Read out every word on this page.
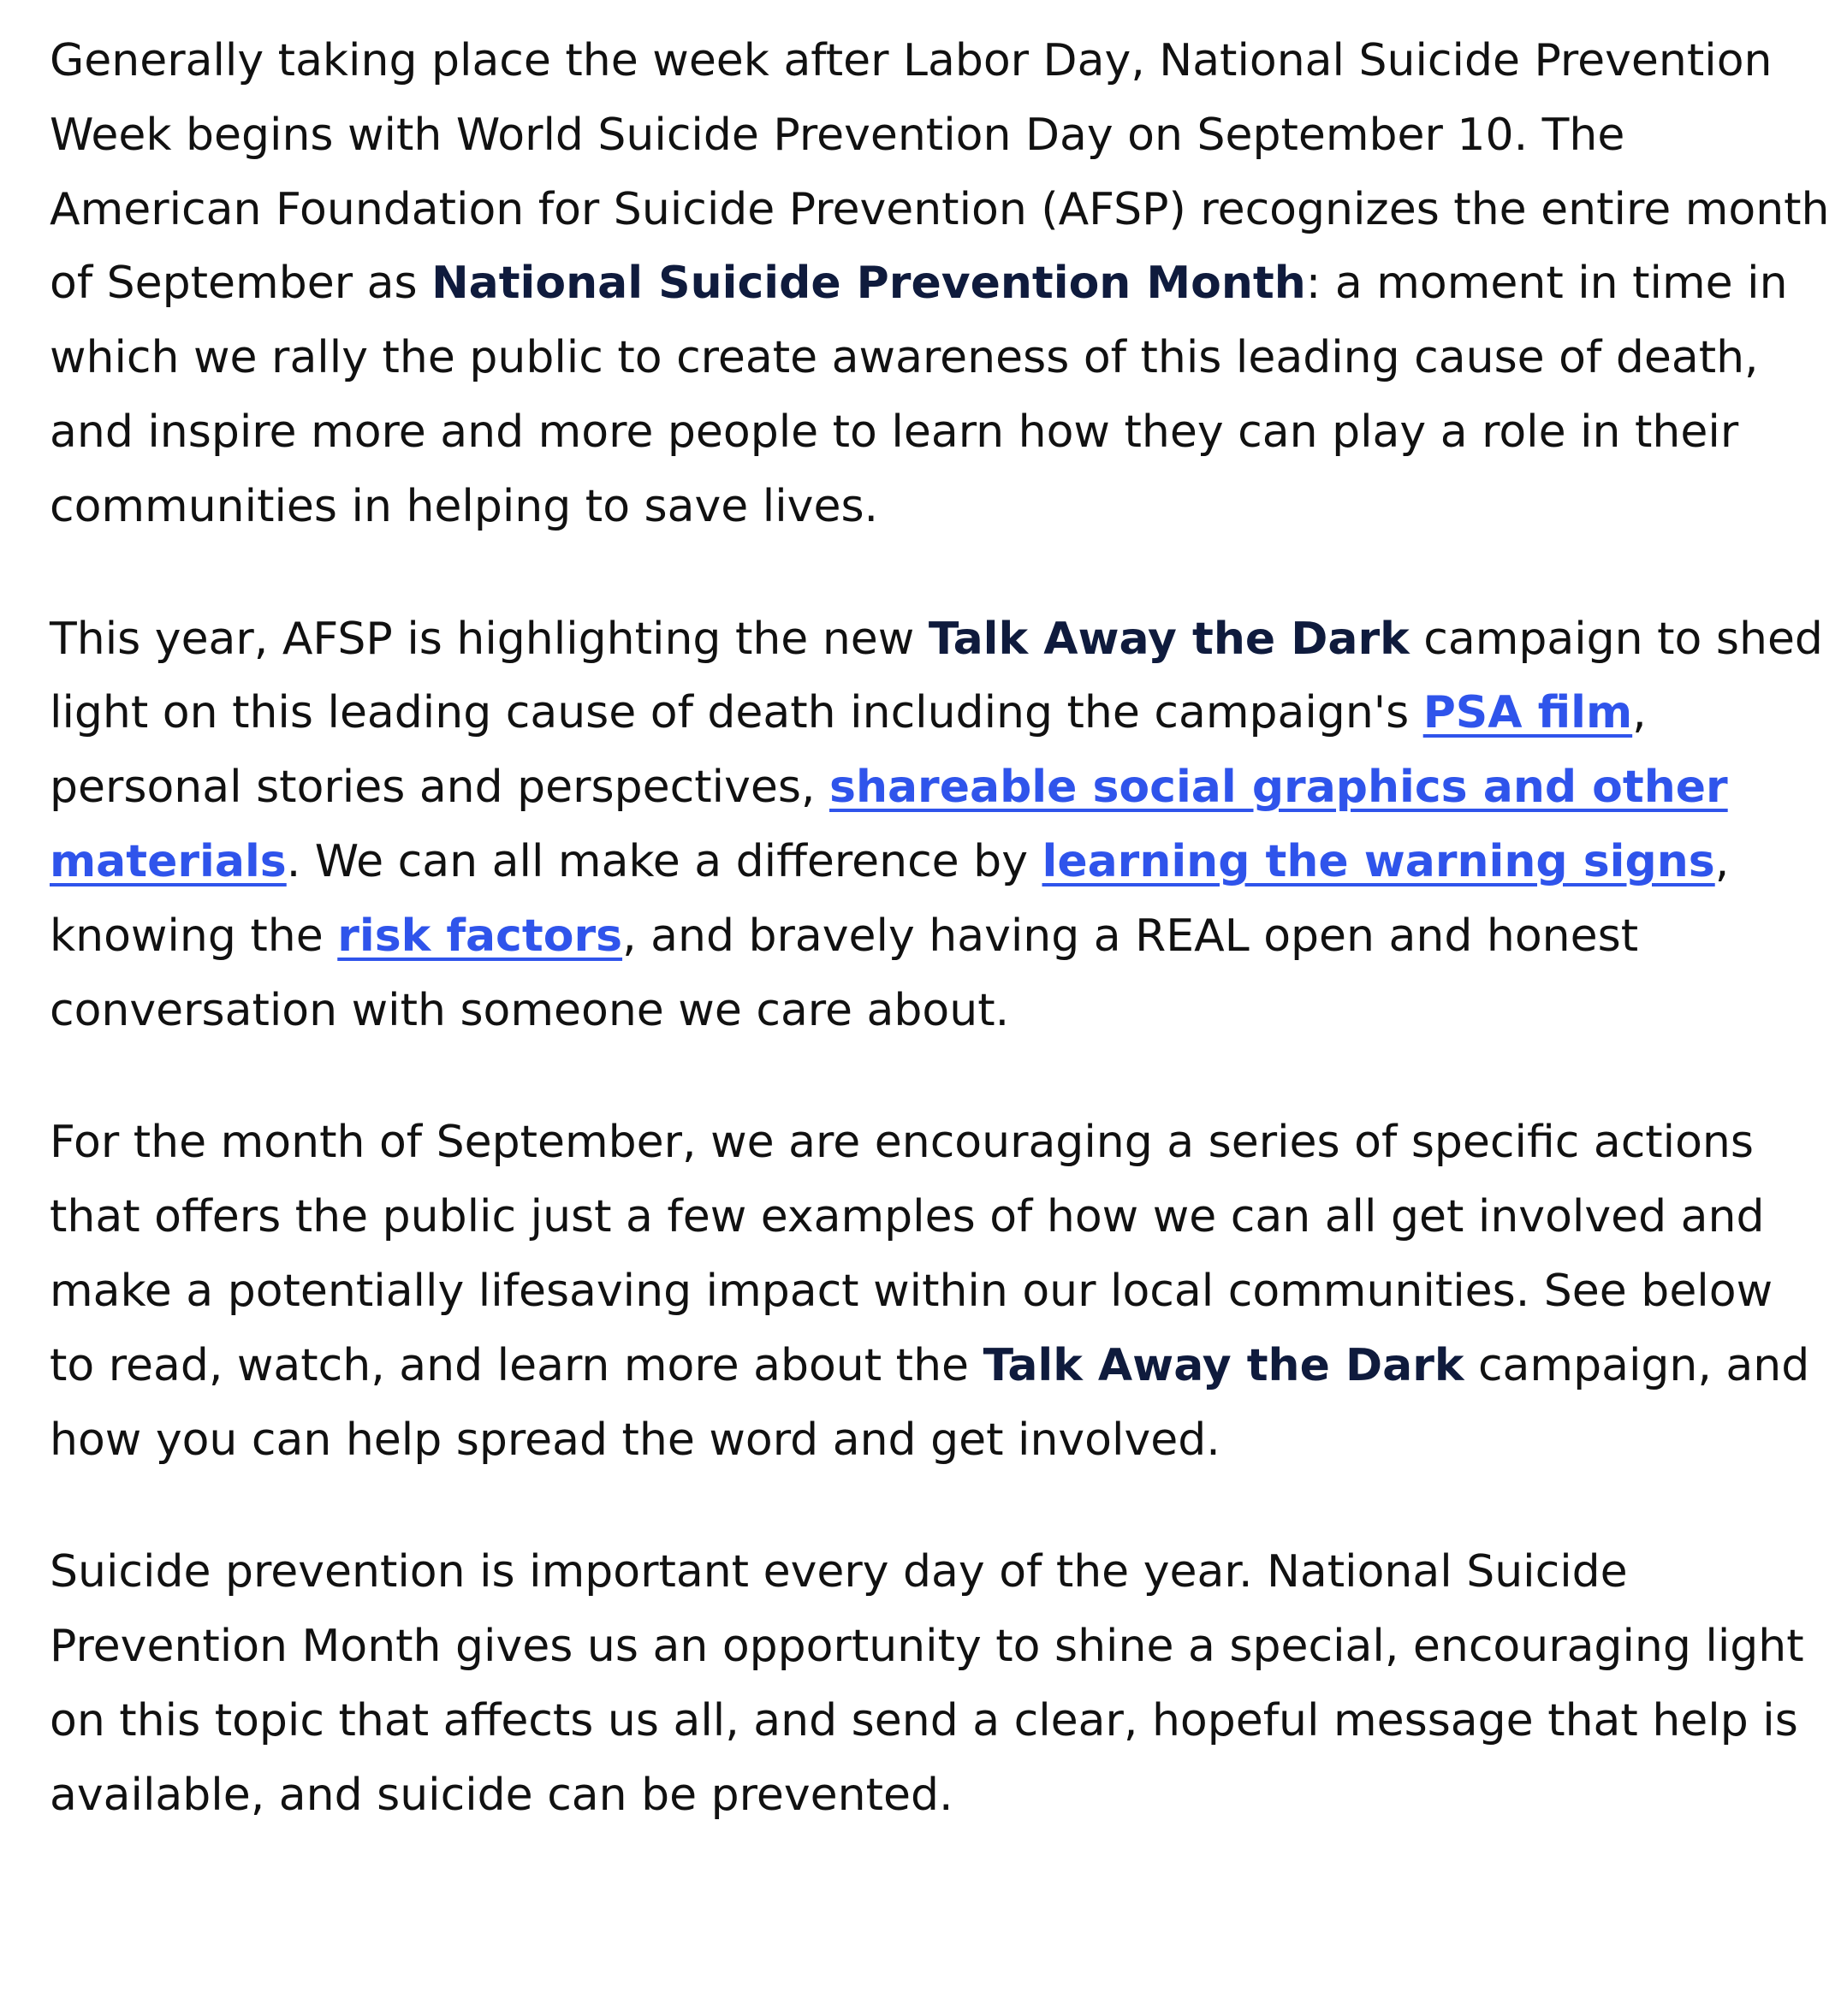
Generally taking place the week after Labor Day, National Suicide Prevention Week begins with World Suicide Prevention Day on September 10. The American Foundation for Suicide Prevention (AFSP) recognizes the entire month of September as National Suicide Prevention Month: a moment in time in which we rally the public to create awareness of this leading cause of death, and inspire more and more people to learn how they can play a role in their communities in helping to save lives.

This year, AFSP is highlighting the new Talk Away the Dark campaign to shed light on this leading cause of death including the campaign's PSA film, personal stories and perspectives, shareable social graphics and other materials. We can all make a difference by learning the warning signs, knowing the risk factors, and bravely having a REAL open and honest conversation with someone we care about.

For the month of September, we are encouraging a series of specific actions that offers the public just a few examples of how we can all get involved and make a potentially lifesaving impact within our local communities. See below to read, watch, and learn more about the Talk Away the Dark campaign, and how you can help spread the word and get involved.

Suicide prevention is important every day of the year. National Suicide Prevention Month gives us an opportunity to shine a special, encouraging light on this topic that affects us all, and send a clear, hopeful message that help is available, and suicide can be prevented.
